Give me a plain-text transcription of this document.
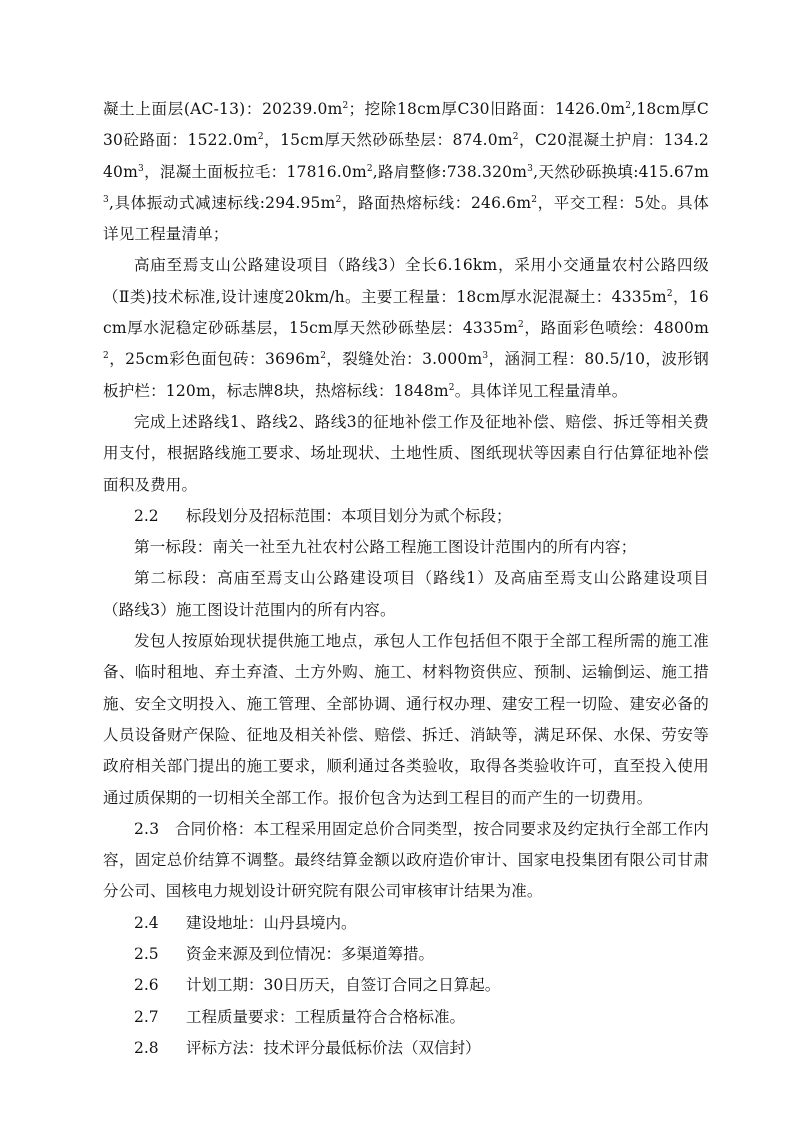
凝土上面层(AC-13)：$20239.0m^2$；挖除18cm厚C30旧路面：$1426.0m^2,18cm$厚C30砼路面：$1522.0m^2$，15cm厚天然砂砾垫层：$874.0m^2$，C20混凝土护肩：$134.240m^3$，混凝土面板拉毛：$17816.0m^2$,路肩整修$:738.320m^3$,天然砂砾换填$:415.67m^3$,具体振动式减速标线$:294.95m^2$，路面热熔标线：$246.6m^2$，平交工程：5处。具体详见工程量清单；

高庙至焉支山公路建设项目（路线3）全长6.16km，采用小交通量农村公路四级（Ⅱ类)技术标准,设计速度20km/h。主要工程量：18cm厚水泥混凝土：$4335m^2$，16cm厚水泥稳定砂砾基层，15cm厚天然砂砾垫层：$4335m^2$，路面彩色喷绘：$4800m^2$，25cm彩色面包砖：$3696m^2$，裂缝处治：$3.000m^3$，涵洞工程：80.5/10，波形钢板护栏：120m，标志牌8块，热熔标线：$1848m^2$。具体详见工程量清单。

完成上述路线1、路线2、路线3的征地补偿工作及征地补偿、赔偿、拆迁等相关费用支付，根据路线施工要求、场址现状、土地性质、图纸现状等因素自行估算征地补偿面积及费用。

2.2 标段划分及招标范围：本项目划分为贰个标段；

第一标段：南关一社至九社农村公路工程施工图设计范围内的所有内容；

第二标段：高庙至焉支山公路建设项目（路线1）及高庙至焉支山公路建设项目（路线3）施工图设计范围内的所有内容。

发包人按原始现状提供施工地点，承包人工作包括但不限于全部工程所需的施工准备、临时租地、弃土弃渣、土方外购、施工、材料物资供应、预制、运输倒运、施工措施、安全文明投入、施工管理、全部协调、通行权办理、建安工程一切险、建安必备的人员设备财产保险、征地及相关补偿、赔偿、拆迁、消缺等，满足环保、水保、劳安等政府相关部门提出的施工要求，顺利通过各类验收，取得各类验收许可，直至投入使用通过质保期的一切相关全部工作。报价包含为达到工程目的而产生的一切费用。

2.3　合同价格：本工程采用固定总价合同类型，按合同要求及约定执行全部工作内容，固定总价结算不调整。最终结算金额以政府造价审计、国家电投集团有限公司甘肃分公司、国核电力规划设计研究院有限公司审核审计结果为准。

2.4 建设地址：山丹县境内。

2.5 资金来源及到位情况：多渠道筹措。

2.6 计划工期：30日历天，自签订合同之日算起。

2.7 工程质量要求：工程质量符合合格标准。

2.8 评标方法：技术评分最低标价法（双信封）
